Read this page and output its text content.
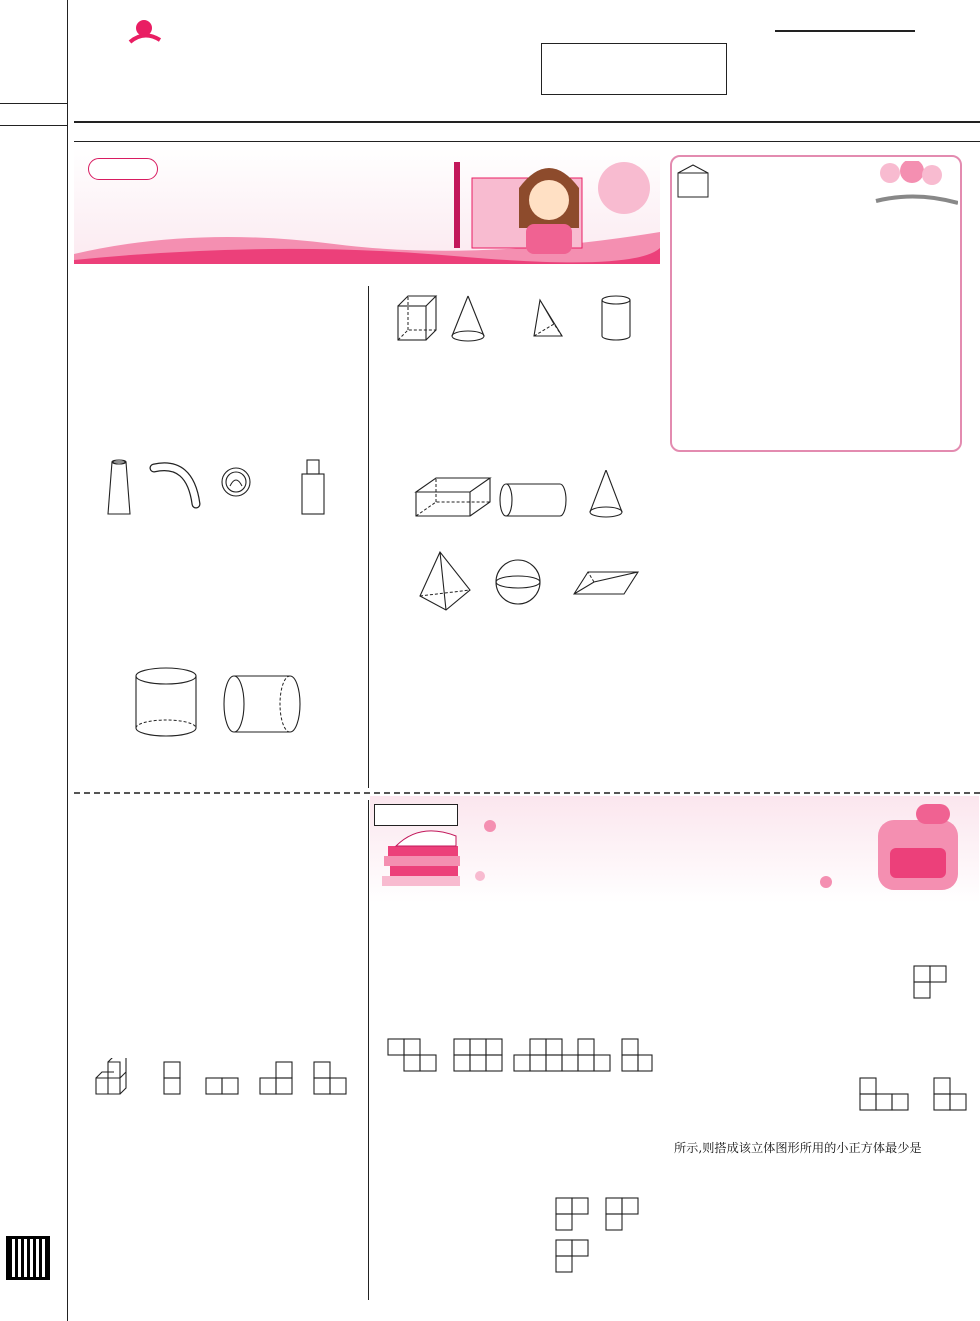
所示,则搭成该立体图形所用的小正方体最少是
